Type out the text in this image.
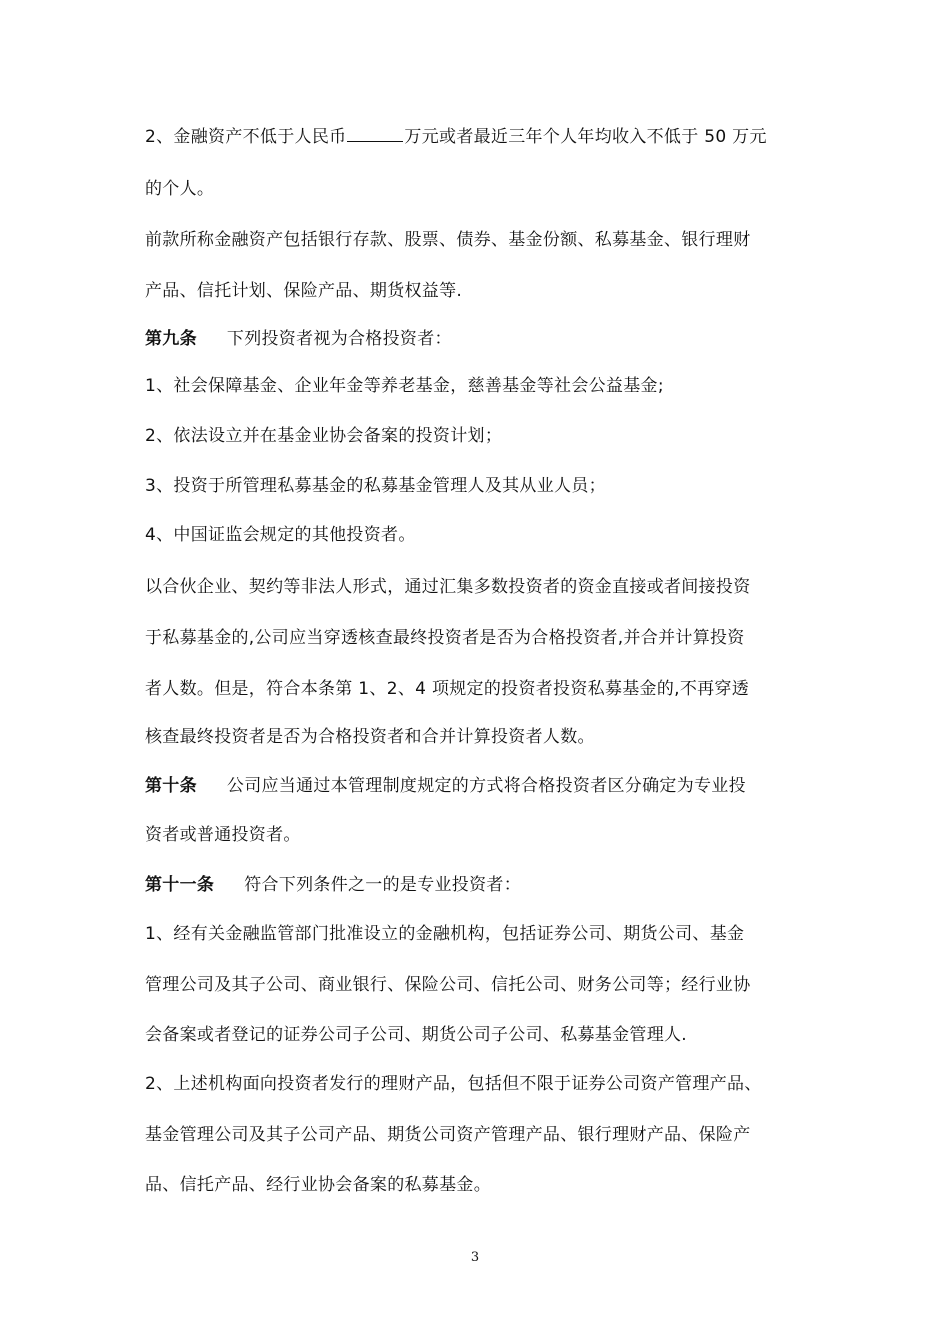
2、金融资产不低于人民币	万元或者最近三年个人年均收入不低于 50 万元
的个人。
前款所称金融资产包括银行存款、股票、债券、基金份额、私募基金、银行理财
产品、信托计划、保险产品、期货权益等.
第九条 下列投资者视为合格投资者：
1、社会保障基金、企业年金等养老基金，慈善基金等社会公益基金;
2、依法设立并在基金业协会备案的投资计划；
3、投资于所管理私募基金的私募基金管理人及其从业人员；
4、中国证监会规定的其他投资者。
以合伙企业、契约等非法人形式，通过汇集多数投资者的资金直接或者间接投资
于私募基金的,公司应当穿透核查最终投资者是否为合格投资者,并合并计算投资
者人数。但是，符合本条第 1、2、4 项规定的投资者投资私募基金的,不再穿透
核查最终投资者是否为合格投资者和合并计算投资者人数。
第十条 公司应当通过本管理制度规定的方式将合格投资者区分确定为专业投
资者或普通投资者。
第十一条 符合下列条件之一的是专业投资者：
1、经有关金融监管部门批准设立的金融机构，包括证券公司、期货公司、基金
管理公司及其子公司、商业银行、保险公司、信托公司、财务公司等；经行业协
会备案或者登记的证券公司子公司、期货公司子公司、私募基金管理人.
2、上述机构面向投资者发行的理财产品，包括但不限于证券公司资产管理产品、
基金管理公司及其子公司产品、期货公司资产管理产品、银行理财产品、保险产
品、信托产品、经行业协会备案的私募基金。
3
